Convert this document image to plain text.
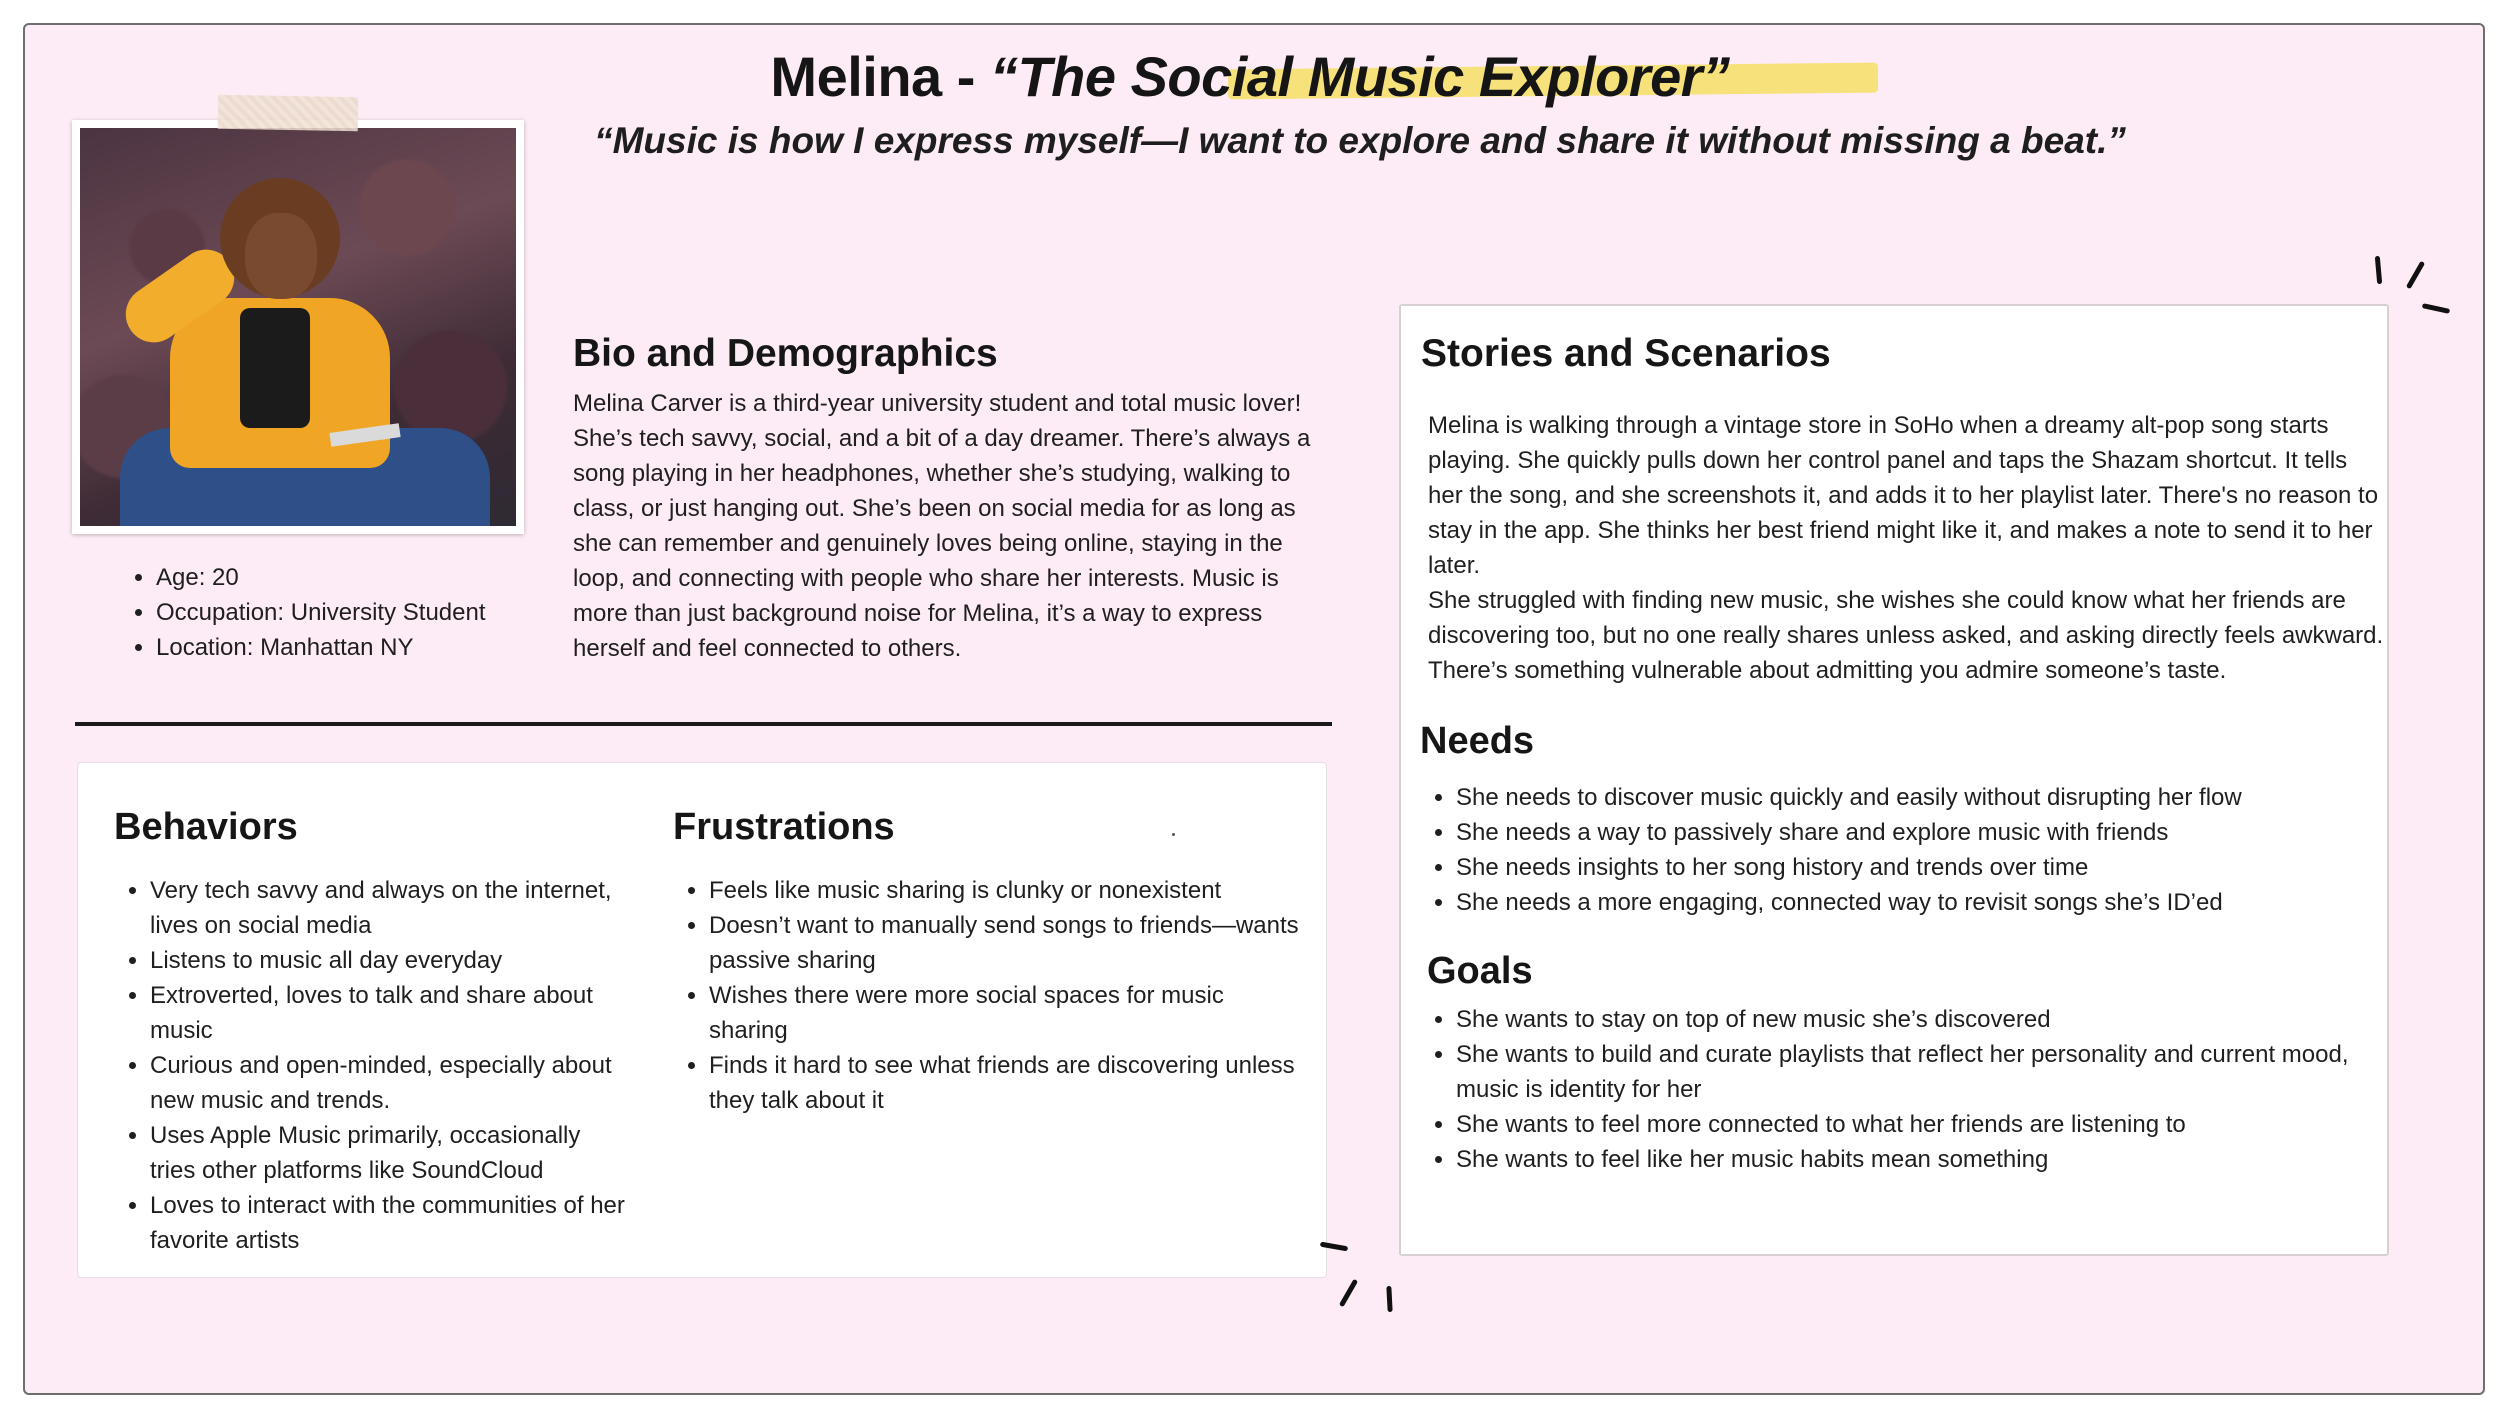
Melina - “The Social Music Explorer”
“Music is how I express myself—I want to explore and share it without missing a beat.”
• Age: 20
• Occupation: University Student
• Location: Manhattan NY
Bio and Demographics

Melina Carver is a third-year university student and total music lover! She’s tech savvy, social, and a bit of a day dreamer. There’s always a song playing in her headphones, whether she’s studying, walking to class, or just hanging out. She’s been on social media for as long as she can remember and genuinely loves being online, staying in the loop, and connecting with people who share her interests. Music is more than just background noise for Melina, it’s a way to express herself and feel connected to others.

Behaviors
• Very tech savvy and always on the internet, lives on social media
• Listens to music all day everyday
• Extroverted, loves to talk and share about music
• Curious and open-minded, especially about new music and trends.
• Uses Apple Music primarily, occasionally tries other platforms like SoundCloud
• Loves to interact with the communities of her favorite artists
Frustrations
• Feels like music sharing is clunky or nonexistent
• Doesn’t want to manually send songs to friends—wants passive sharing
• Wishes there were more social spaces for music sharing
• Finds it hard to see what friends are discovering unless they talk about it
Stories and Scenarios

Melina is walking through a vintage store in SoHo when a dreamy alt-pop song starts playing. She quickly pulls down her control panel and taps the Shazam shortcut. It tells her the song, and she screenshots it, and adds it to her playlist later. There's no reason to stay in the app. She thinks her best friend might like it, and makes a note to send it to her later.

She struggled with finding new music, she wishes she could know what her friends are discovering too, but no one really shares unless asked, and asking directly feels awkward. There’s something vulnerable about admitting you admire someone’s taste.

Needs
• She needs to discover music quickly and easily without disrupting her flow
• She needs a way to passively share and explore music with friends
• She needs insights to her song history and trends over time
• She needs a more engaging, connected way to revisit songs she’s ID’ed
Goals
• She wants to stay on top of new music she’s discovered
• She wants to build and curate playlists that reflect her personality and current mood, music is identity for her
• She wants to feel more connected to what her friends are listening to
• She wants to feel like her music habits mean something
